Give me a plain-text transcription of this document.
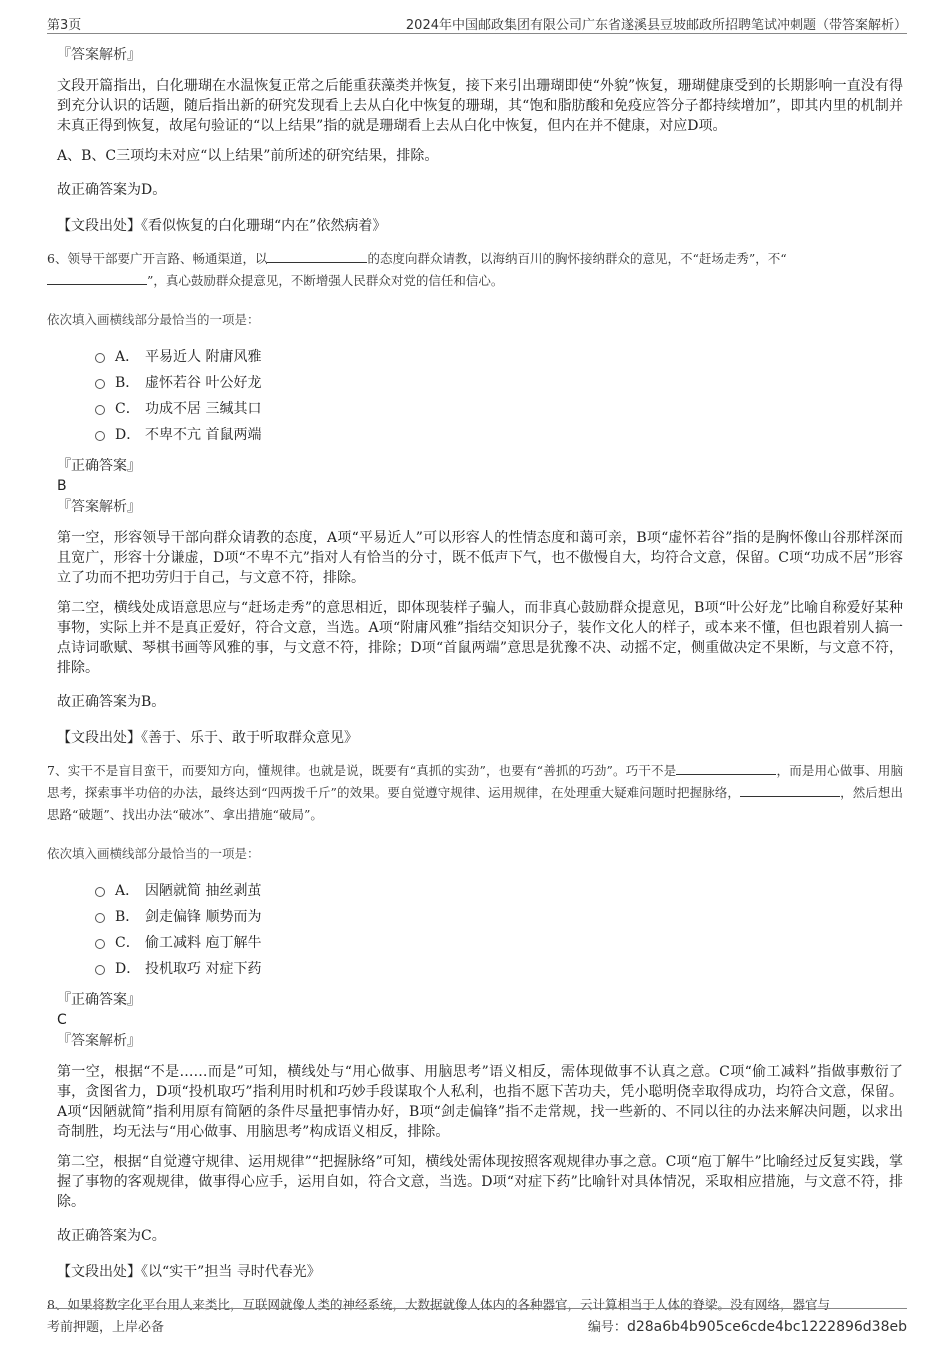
第3页	2024年中国邮政集团有限公司广东省遂溪县豆坡邮政所招聘笔试冲刺题（带答案解析）
『答案解析』
文段开篇指出，白化珊瑚在水温恢复正常之后能重获藻类并恢复，接下来引出珊瑚即使“外貌”恢复，珊瑚健康受到的长期影响一直没有得到充分认识的话题，随后指出新的研究发现看上去从白化中恢复的珊瑚，其“饱和脂肪酸和免疫应答分子都持续增加”，即其内里的机制并未真正得到恢复，故尾句验证的“以上结果”指的就是珊瑚看上去从白化中恢复，但内在并不健康，对应D项。
A、B、C三项均未对应“以上结果”前所述的研究结果，排除。
故正确答案为D。
【文段出处】《看似恢复的白化珊瑚“内在”依然病着》
6、领导干部要广开言路、畅通渠道，以	的态度向群众请教，以海纳百川的胸怀接纳群众的意见，不“赶场走秀”，不“
”，真心鼓励群众提意见，不断增强人民群众对党的信任和信心。
依次填入画横线部分最恰当的一项是：
A． 平易近人 附庸风雅
B． 虚怀若谷 叶公好龙
C． 功成不居 三缄其口
D． 不卑不亢 首鼠两端
『正确答案』
B
『答案解析』
第一空，形容领导干部向群众请教的态度，A项“平易近人”可以形容人的性情态度和蔼可亲，B项“虚怀若谷”指的是胸怀像山谷那样深而且宽广，形容十分谦虚，D项“不卑不亢”指对人有恰当的分寸，既不低声下气，也不傲慢自大，均符合文意，保留。C项“功成不居”形容立了功而不把功劳归于自己，与文意不符，排除。
第二空，横线处成语意思应与“赶场走秀”的意思相近，即体现装样子骗人，而非真心鼓励群众提意见，B项“叶公好龙”比喻自称爱好某种事物，实际上并不是真正爱好，符合文意，当选。A项“附庸风雅”指结交知识分子，装作文化人的样子，或本来不懂，但也跟着别人搞一点诗词歌赋、琴棋书画等风雅的事，与文意不符，排除；D项“首鼠两端”意思是犹豫不决、动摇不定，侧重做决定不果断，与文意不符，排除。
故正确答案为B。
【文段出处】《善于、乐于、敢于听取群众意见》
7、实干不是盲目蛮干，而要知方向，懂规律。也就是说，既要有“真抓的实劲”，也要有“善抓的巧劲”。巧干不是	，而是用心做事、用脑思考，探索事半功倍的办法，最终达到“四两拨千斤”的效果。要自觉遵守规律、运用规律，在处理重大疑难问题时把握脉络，	，然后想出思路“破题”、找出办法“破冰”、拿出措施“破局”。
依次填入画横线部分最恰当的一项是：
A． 因陋就简 抽丝剥茧
B． 剑走偏锋 顺势而为
C． 偷工减料 庖丁解牛
D． 投机取巧 对症下药
『正确答案』
C
『答案解析』
第一空，根据“不是……而是”可知，横线处与“用心做事、用脑思考”语义相反，需体现做事不认真之意。C项“偷工减料”指做事敷衍了事，贪图省力，D项“投机取巧”指利用时机和巧妙手段谋取个人私利，也指不愿下苦功夫，凭小聪明侥幸取得成功，均符合文意，保留。A项“因陋就简”指利用原有简陋的条件尽量把事情办好，B项“剑走偏锋”指不走常规，找一些新的、不同以往的办法来解决问题，以求出奇制胜，均无法与“用心做事、用脑思考”构成语义相反，排除。
第二空，根据“自觉遵守规律、运用规律”“把握脉络”可知，横线处需体现按照客观规律办事之意。C项“庖丁解牛”比喻经过反复实践，掌握了事物的客观规律，做事得心应手，运用自如，符合文意，当选。D项“对症下药”比喻针对具体情况，采取相应措施，与文意不符，排除。
故正确答案为C。
【文段出处】《以“实干”担当 寻时代春光》
8、如果将数字化平台用人来类比，互联网就像人类的神经系统，大数据就像人体内的各种器官，云计算相当于人体的脊梁。没有网络，器官与
考前押题，上岸必备	编号：d28a6b4b905ce6cde4bc1222896d38eb
